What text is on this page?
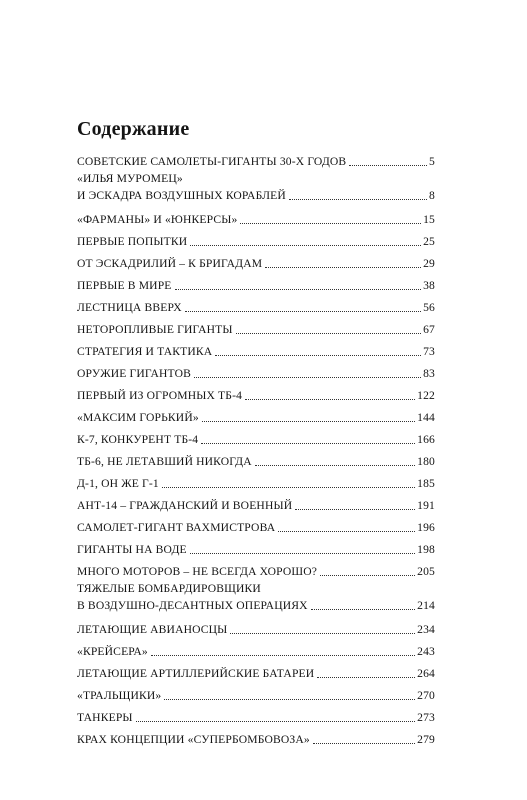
Содержание
СОВЕТСКИЕ САМОЛЕТЫ-ГИГАНТЫ 30-Х ГОДОВ	5
«ИЛЬЯ МУРОМЕЦ»
И ЭСКАДРА ВОЗДУШНЫХ КОРАБЛЕЙ	8
«ФАРМАНЫ» И «ЮНКЕРСЫ»	15
ПЕРВЫЕ ПОПЫТКИ	25
ОТ ЭСКАДРИЛИЙ – К БРИГАДАМ	29
ПЕРВЫЕ В МИРЕ	38
ЛЕСТНИЦА ВВЕРХ	56
НЕТОРОПЛИВЫЕ ГИГАНТЫ	67
СТРАТЕГИЯ И ТАКТИКА	73
ОРУЖИЕ ГИГАНТОВ	83
ПЕРВЫЙ ИЗ ОГРОМНЫХ ТБ-4	122
«МАКСИМ ГОРЬКИЙ»	144
К-7, КОНКУРЕНТ ТБ-4	166
ТБ-6, НЕ ЛЕТАВШИЙ НИКОГДА	180
Д-1, ОН ЖЕ Г-1	185
АНТ-14 – ГРАЖДАНСКИЙ И ВОЕННЫЙ	191
САМОЛЕТ-ГИГАНТ ВАХМИСТРОВА	196
ГИГАНТЫ НА ВОДЕ	198
МНОГО МОТОРОВ – НЕ ВСЕГДА ХОРОШО?	205
ТЯЖЕЛЫЕ БОМБАРДИРОВЩИКИ
В ВОЗДУШНО-ДЕСАНТНЫХ ОПЕРАЦИЯХ	214
ЛЕТАЮЩИЕ АВИАНОСЦЫ	234
«КРЕЙСЕРА»	243
ЛЕТАЮЩИЕ АРТИЛЛЕРИЙСКИЕ БАТАРЕИ	264
«ТРАЛЬЩИКИ»	270
ТАНКЕРЫ	273
КРАХ КОНЦЕПЦИИ «СУПЕРБОМБОВОЗА»	279
